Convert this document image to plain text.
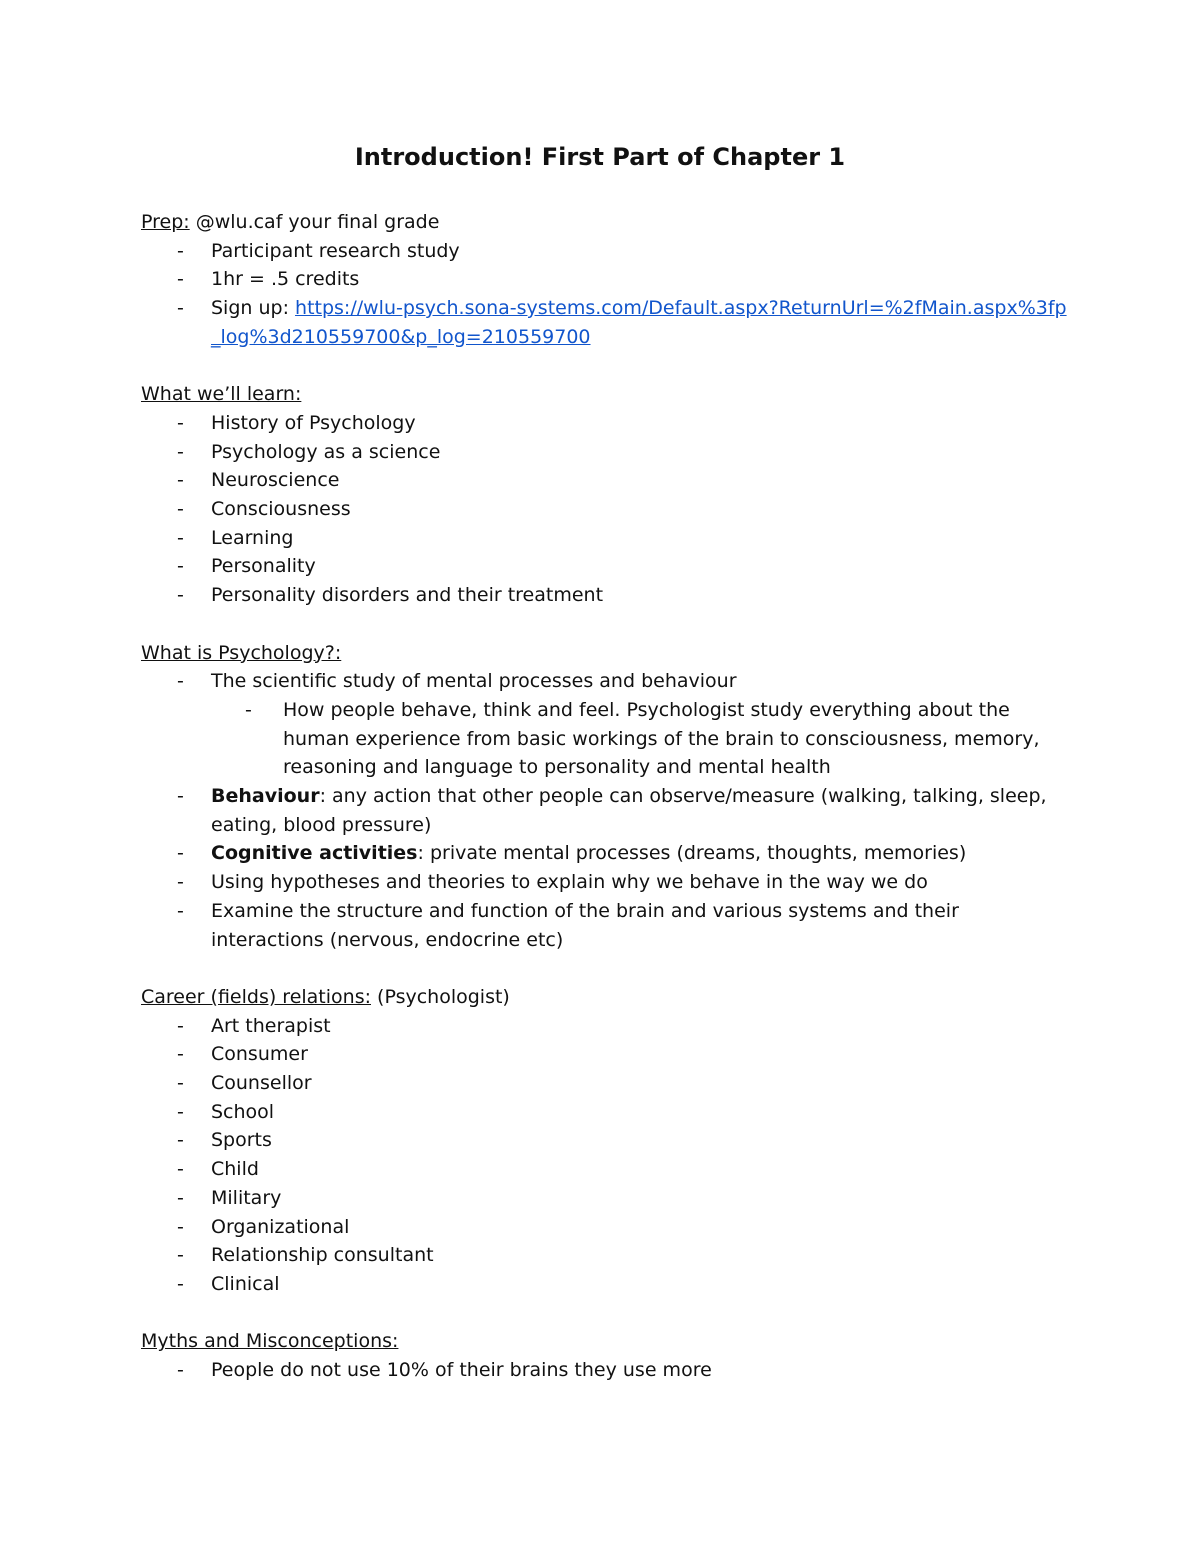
Introduction! First Part of Chapter 1

Prep: @wlu.caf your final grade

- Participant research study
- 1hr = .5 credits
- Sign up: https://wlu-psych.sona-systems.com/Default.aspx?ReturnUrl=%2fMain.aspx%3fp_log%3d210559700&p_log=210559700

What we’ll learn:

- History of Psychology
- Psychology as a science
- Neuroscience
- Consciousness
- Learning
- Personality
- Personality disorders and their treatment

What is Psychology?:

- The scientific study of mental processes and behaviour
- How people behave, think and feel. Psychologist study everything about the human experience from basic workings of the brain to consciousness, memory, reasoning and language to personality and mental health
- Behaviour: any action that other people can observe/measure (walking, talking, sleep, eating, blood pressure)
- Cognitive activities: private mental processes (dreams, thoughts, memories)
- Using hypotheses and theories to explain why we behave in the way we do
- Examine the structure and function of the brain and various systems and their interactions (nervous, endocrine etc)

Career (fields) relations: (Psychologist)

- Art therapist
- Consumer
- Counsellor
- School
- Sports
- Child
- Military
- Organizational
- Relationship consultant
- Clinical

Myths and Misconceptions:

- People do not use 10% of their brains they use more
